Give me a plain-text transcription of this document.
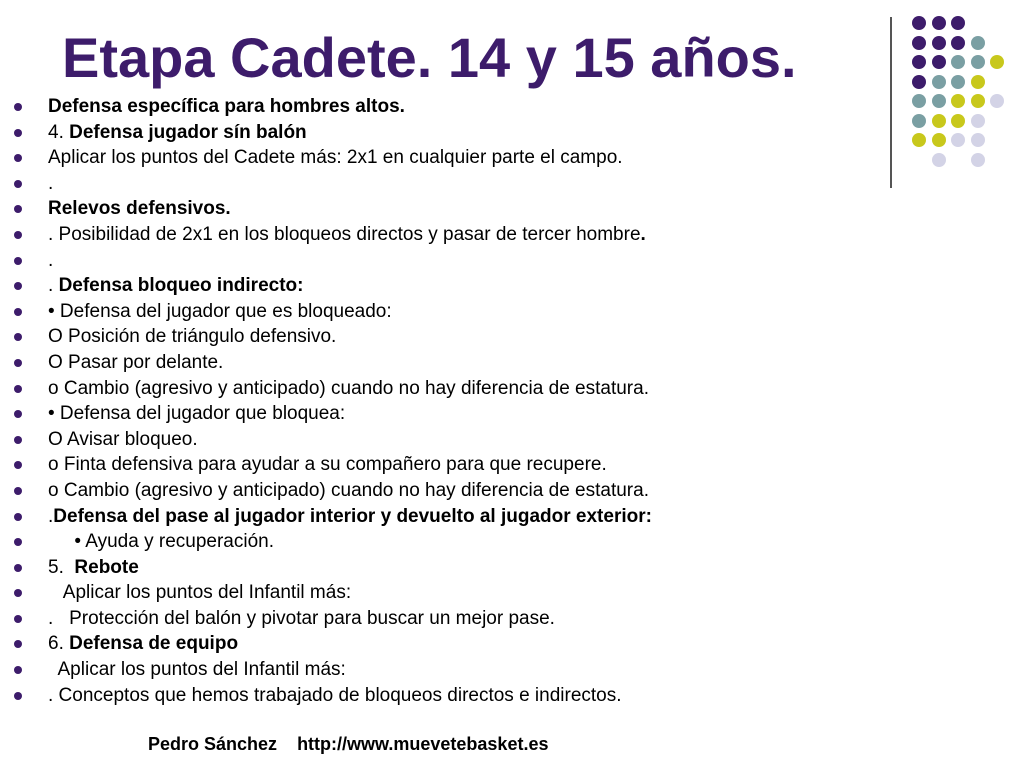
Etapa Cadete. 14 y 15 años.
Defensa específica para hombres altos.
4. Defensa jugador sín balón
Aplicar los puntos del Cadete más: 2x1 en cualquier parte el campo.
.
Relevos defensivos.
. Posibilidad de 2x1 en los bloqueos directos y pasar de tercer hombre.
.
. Defensa bloqueo indirecto:
• Defensa del jugador que es bloqueado:
O Posición de triángulo defensivo.
O Pasar por delante.
o Cambio (agresivo y anticipado) cuando no hay diferencia de estatura.
• Defensa del jugador que bloquea:
O Avisar bloqueo.
o Finta defensiva para ayudar a su compañero para que recupere.
o Cambio (agresivo y anticipado) cuando no hay diferencia de estatura.
.Defensa del pase al jugador interior y devuelto al jugador exterior:
• Ayuda y recuperación.
5.  Rebote
Aplicar los puntos del Infantil más:
.   Protección del balón y pivotar para buscar un mejor pase.
6. Defensa de equipo
Aplicar los puntos del Infantil más:
. Conceptos que hemos trabajado de bloqueos directos e indirectos.
Pedro Sánchez http://www.muevetebasket.es
